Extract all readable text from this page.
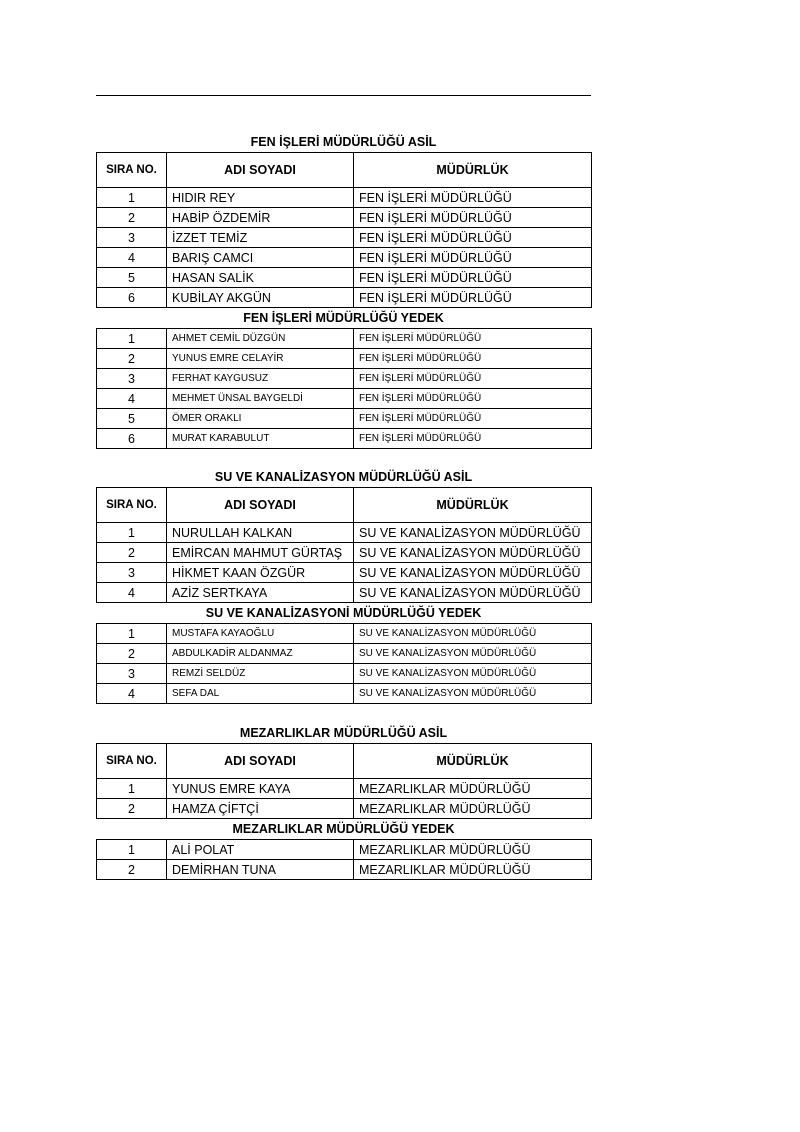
FEN İŞLERİ MÜDÜRLÜĞÜ ASİL
SIRA NO.	ADI SOYADI	MÜDÜRLÜK
1	HIDIR REY	FEN İŞLERİ MÜDÜRLÜĞÜ
2	HABİP ÖZDEMİR	FEN İŞLERİ MÜDÜRLÜĞÜ
3	İZZET TEMİZ	FEN İŞLERİ MÜDÜRLÜĞÜ
4	BARIŞ CAMCI	FEN İŞLERİ MÜDÜRLÜĞÜ
5	HASAN SALİK	FEN İŞLERİ MÜDÜRLÜĞÜ
6	KUBİLAY AKGÜN	FEN İŞLERİ MÜDÜRLÜĞÜ
FEN İŞLERİ MÜDÜRLÜĞÜ YEDEK
1	AHMET CEMİL DÜZGÜN	FEN İŞLERİ MÜDÜRLÜĞÜ
2	YUNUS EMRE CELAYİR	FEN İŞLERİ MÜDÜRLÜĞÜ
3	FERHAT KAYGUSUZ	FEN İŞLERİ MÜDÜRLÜĞÜ
4	MEHMET ÜNSAL BAYGELDİ	FEN İŞLERİ MÜDÜRLÜĞÜ
5	ÖMER ORAKLI	FEN İŞLERİ MÜDÜRLÜĞÜ
6	MURAT KARABULUT	FEN İŞLERİ MÜDÜRLÜĞÜ
SU VE KANALİZASYON MÜDÜRLÜĞÜ ASİL
SIRA NO.	ADI SOYADI	MÜDÜRLÜK
1	NURULLAH KALKAN	SU VE KANALİZASYON MÜDÜRLÜĞÜ
2	EMİRCAN MAHMUT GÜRTAŞ	SU VE KANALİZASYON MÜDÜRLÜĞÜ
3	HİKMET KAAN ÖZGÜR	SU VE KANALİZASYON MÜDÜRLÜĞÜ
4	AZİZ SERTKAYA	SU VE KANALİZASYON MÜDÜRLÜĞÜ
SU VE KANALİZASYONİ MÜDÜRLÜĞÜ YEDEK
1	MUSTAFA KAYAOĞLU	SU VE KANALİZASYON MÜDÜRLÜĞÜ
2	ABDULKADİR ALDANMAZ	SU VE KANALİZASYON MÜDÜRLÜĞÜ
3	REMZİ SELDÜZ	SU VE KANALİZASYON MÜDÜRLÜĞÜ
4	SEFA DAL	SU VE KANALİZASYON MÜDÜRLÜĞÜ
MEZARLIKLAR MÜDÜRLÜĞÜ ASİL
SIRA NO.	ADI SOYADI	MÜDÜRLÜK
1	YUNUS EMRE KAYA	MEZARLIKLAR MÜDÜRLÜĞÜ
2	HAMZA ÇİFTÇİ	MEZARLIKLAR MÜDÜRLÜĞÜ
MEZARLIKLAR MÜDÜRLÜĞÜ YEDEK
1	ALİ POLAT	MEZARLIKLAR MÜDÜRLÜĞÜ
2	DEMİRHAN TUNA	MEZARLIKLAR MÜDÜRLÜĞÜ
